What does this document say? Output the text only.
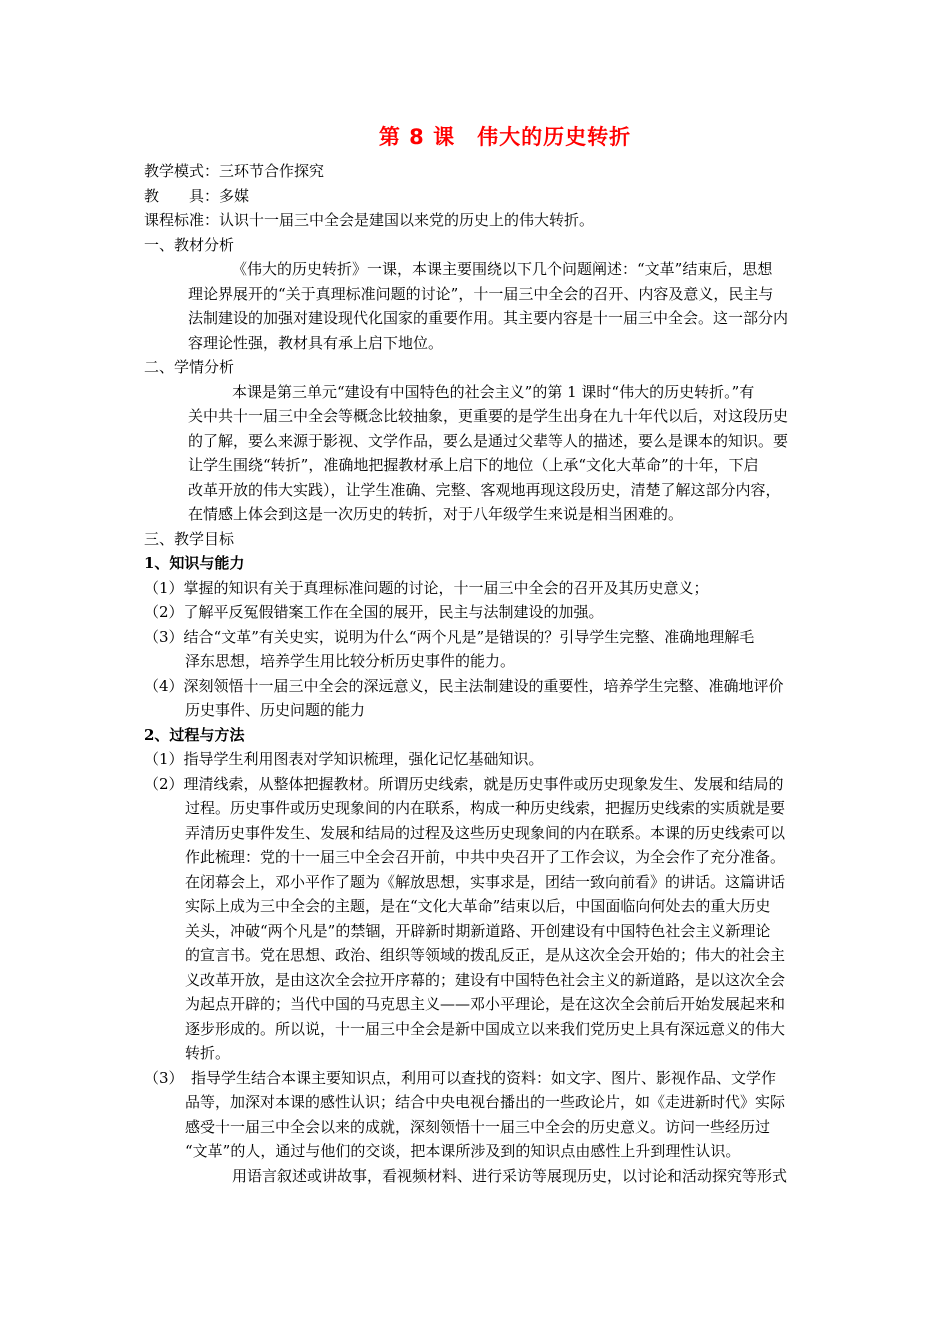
第 8 课　伟大的历史转折
教学模式：三环节合作探究
教　　具：多媒
课程标准：认识十一届三中全会是建国以来党的历史上的伟大转折。
一、教材分析
《伟大的历史转折》一课，本课主要围绕以下几个问题阐述：“文革”结束后，思想
理论界展开的“关于真理标准问题的讨论”，十一届三中全会的召开、内容及意义，民主与
法制建设的加强对建设现代化国家的重要作用。其主要内容是十一届三中全会。这一部分内
容理论性强，教材具有承上启下地位。
二、学情分析
本课是第三单元“建设有中国特色的社会主义”的第 1 课时“伟大的历史转折。”有
关中共十一届三中全会等概念比较抽象，更重要的是学生出身在九十年代以后，对这段历史
的了解，要么来源于影视、文学作品，要么是通过父辈等人的描述，要么是课本的知识。要
让学生围绕“转折”，准确地把握教材承上启下的地位（上承“文化大革命”的十年，下启
改革开放的伟大实践），让学生准确、完整、客观地再现这段历史，清楚了解这部分内容，
在情感上体会到这是一次历史的转折，对于八年级学生来说是相当困难的。
三、教学目标
1、知识与能力
（1）掌握的知识有关于真理标准问题的讨论，十一届三中全会的召开及其历史意义；
（2）了解平反冤假错案工作在全国的展开，民主与法制建设的加强。
（3）结合“文革”有关史实，说明为什么“两个凡是”是错误的？引导学生完整、准确地理解毛
泽东思想，培养学生用比较分析历史事件的能力。
（4）深刻领悟十一届三中全会的深远意义，民主法制建设的重要性，培养学生完整、准确地评价
历史事件、历史问题的能力
2、过程与方法
（1）指导学生利用图表对学知识梳理，强化记忆基础知识。
（2）理清线索，从整体把握教材。所谓历史线索，就是历史事件或历史现象发生、发展和结局的
过程。历史事件或历史现象间的内在联系，构成一种历史线索，把握历史线索的实质就是要
弄清历史事件发生、发展和结局的过程及这些历史现象间的内在联系。本课的历史线索可以
作此梳理：党的十一届三中全会召开前，中共中央召开了工作会议，为全会作了充分准备。
在闭幕会上，邓小平作了题为《解放思想，实事求是，团结一致向前看》的讲话。这篇讲话
实际上成为三中全会的主题，是在“文化大革命”结束以后，中国面临向何处去的重大历史
关头，冲破“两个凡是”的禁锢，开辟新时期新道路、开创建设有中国特色社会主义新理论
的宣言书。党在思想、政治、组织等领域的拨乱反正，是从这次全会开始的；伟大的社会主
义改革开放，是由这次全会拉开序幕的；建设有中国特色社会主义的新道路，是以这次全会
为起点开辟的；当代中国的马克思主义——邓小平理论，是在这次全会前后开始发展起来和
逐步形成的。所以说，十一届三中全会是新中国成立以来我们党历史上具有深远意义的伟大
转折。
（3）　指导学生结合本课主要知识点，利用可以查找的资料：如文字、图片、影视作品、文学作
品等，加深对本课的感性认识；结合中央电视台播出的一些政论片，如《走进新时代》实际
感受十一届三中全会以来的成就，深刻领悟十一届三中全会的历史意义。访问一些经历过
“文革”的人，通过与他们的交谈，把本课所涉及到的知识点由感性上升到理性认识。
用语言叙述或讲故事，看视频材料、进行采访等展现历史，以讨论和活动探究等形式
